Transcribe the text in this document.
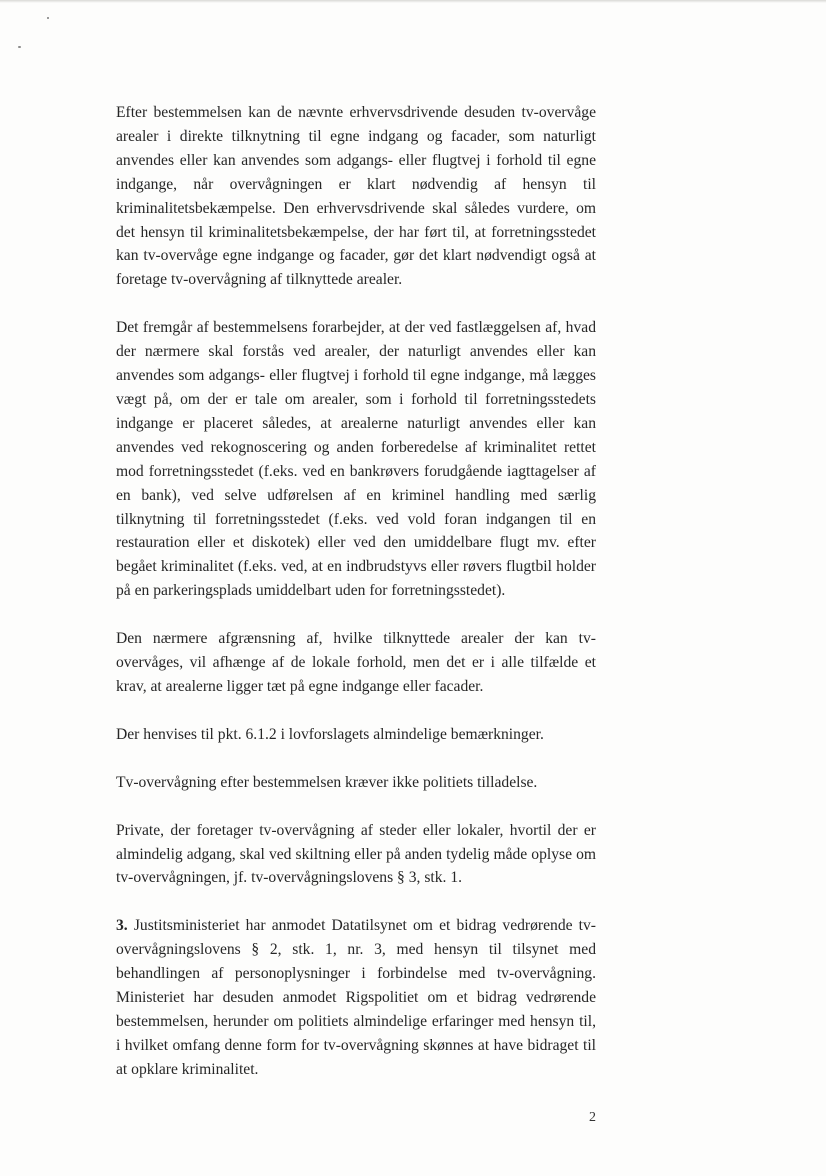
Efter bestemmelsen kan de nævnte erhvervsdrivende desuden tv-overvåge arealer i direkte tilknytning til egne indgang og facader, som naturligt anvendes eller kan anvendes som adgangs- eller flugtvej i forhold til egne indgange, når overvågningen er klart nødvendig af hensyn til kriminalitetsbekæmpelse. Den erhvervsdrivende skal således vurdere, om det hensyn til kriminalitetsbekæmpelse, der har ført til, at forretningsstedet kan tv-overvåge egne indgange og facader, gør det klart nødvendigt også at foretage tv-overvågning af tilknyttede arealer.

Det fremgår af bestemmelsens forarbejder, at der ved fastlæggelsen af, hvad der nærmere skal forstås ved arealer, der naturligt anvendes eller kan anvendes som adgangs- eller flugtvej i forhold til egne indgange, må lægges vægt på, om der er tale om arealer, som i forhold til forretningsstedets indgange er placeret således, at arealerne naturligt anvendes eller kan anvendes ved rekognoscering og anden forberedelse af kriminalitet rettet mod forretningsstedet (f.eks. ved en bankrøvers forudgående iagttagelser af en bank), ved selve udførelsen af en kriminel handling med særlig tilknytning til forretningsstedet (f.eks. ved vold foran indgangen til en restauration eller et diskotek) eller ved den umiddelbare flugt mv. efter begået kriminalitet (f.eks. ved, at en indbrudstyvs eller røvers flugtbil holder på en parkeringsplads umiddelbart uden for forretningsstedet).

Den nærmere afgrænsning af, hvilke tilknyttede arealer der kan tv-overvåges, vil afhænge af de lokale forhold, men det er i alle tilfælde et krav, at arealerne ligger tæt på egne indgange eller facader.

Der henvises til pkt. 6.1.2 i lovforslagets almindelige bemærkninger.

Tv-overvågning efter bestemmelsen kræver ikke politiets tilladelse.

Private, der foretager tv-overvågning af steder eller lokaler, hvortil der er almindelig adgang, skal ved skiltning eller på anden tydelig måde oplyse om tv-overvågningen, jf. tv-overvågningslovens § 3, stk. 1.

3. Justitsministeriet har anmodet Datatilsynet om et bidrag vedrørende tv-overvågningslovens § 2, stk. 1, nr. 3, med hensyn til tilsynet med behandlingen af personoplysninger i forbindelse med tv-overvågning. Ministeriet har desuden anmodet Rigspolitiet om et bidrag vedrørende bestemmelsen, herunder om politiets almindelige erfaringer med hensyn til, i hvilket omfang denne form for tv-overvågning skønnes at have bidraget til at opklare kriminalitet.

2
